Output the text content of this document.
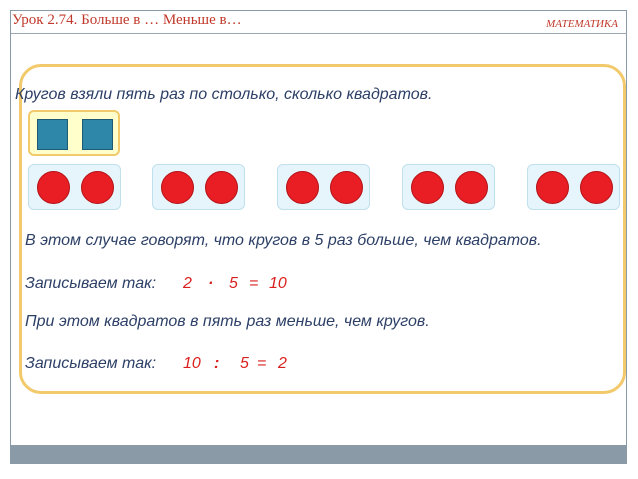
Урок 2.74. Больше в … Меньше в…	МАТЕМАТИКА
Кругов взяли пять раз по столько, сколько квадратов.
В этом случае говорят, что кругов в 5 раз больше, чем квадратов.
Записываем так: 2 · 5 = 10
При этом квадратов в пять раз меньше, чем кругов.
Записываем так: 10 : 5 = 2
